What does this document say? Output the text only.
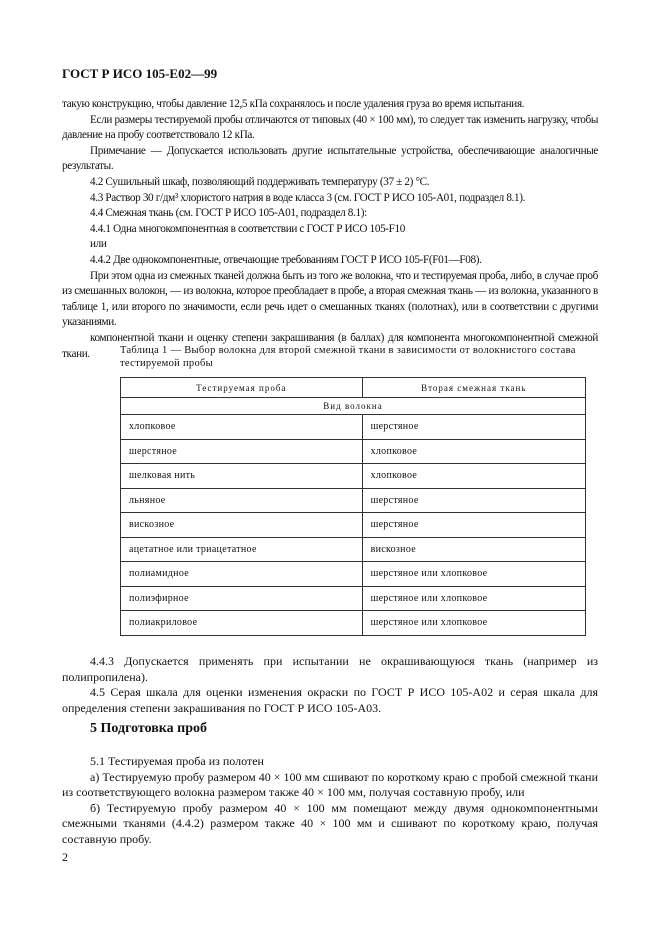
ГОСТ Р ИСО 105-Е02—99

такую конструкцию, чтобы давление 12,5 кПа сохранялось и после удаления груза во время испытания.

Если размеры тестируемой пробы отличаются от типовых (40 × 100 мм), то следует так изменить нагрузку, чтобы давление на пробу соответствовало 12 кПа.

Примечание — Допускается использовать другие испытательные устройства, обеспечивающие аналогичные результаты.

4.2 Сушильный шкаф, позволяющий поддерживать температуру (37 ± 2) °С.

4.3 Раствор 30 г/дм³ хлористого натрия в воде класса 3 (см. ГОСТ Р ИСО 105-А01, подраздел 8.1).

4.4 Смежная ткань (см. ГОСТ Р ИСО 105-А01, подраздел 8.1):

4.4.1 Одна многокомпонентная в соответствии с ГОСТ Р ИСО 105-F10

или

4.4.2 Две однокомпонентные, отвечающие требованиям ГОСТ Р ИСО 105-F(F01—F08).

При этом одна из смежных тканей должна быть из того же волокна, что и тестируемая проба, либо, в случае проб из смешанных волокон, — из волокна, которое преобладает в пробе, а вторая смежная ткань — из волокна, указанного в таблице 1, или второго по значимости, если речь идет о смешанных тканях (полотнах), или в соответствии с другими указаниями.

компонентной ткани и оценку степени закрашивания (в баллах) для компонента многокомпонентной смежной ткани.	Таблица 1 — Выбор волокна для второй смежной ткани в зависимости от волокнистого состава тестируемой пробы
Тестируемая проба	Вторая смежная ткань
Вид волокна	
хлопковое	шерстяное
шерстяное	хлопковое
шелковая нить	хлопковое
льняное	шерстяное
вискозное	шерстяное
ацетатное или триацетатное	вискозное
полиамидное	шерстяное или хлопковое
полиэфирное	шерстяное или хлопковое
полиакриловое	шерстяное или хлопковое

4.4.3 Допускается применять при испытании не окрашивающуюся ткань (например из полипропилена).

4.5 Серая шкала для оценки изменения окраски по ГОСТ Р ИСО 105-А02 и серая шкала для определения степени закрашивания по ГОСТ Р ИСО 105-А03.

5 Подготовка проб

5.1 Тестируемая проба из полотен

а) Тестируемую пробу размером 40 × 100 мм сшивают по короткому краю с пробой смежной ткани из соответствующего волокна размером также 40 × 100 мм, получая составную пробу, или

б) Тестируемую пробу размером 40 × 100 мм помещают между двумя однокомпонентными смежными тканями (4.4.2) размером также 40 × 100 мм и сшивают по короткому краю, получая составную пробу.

2
